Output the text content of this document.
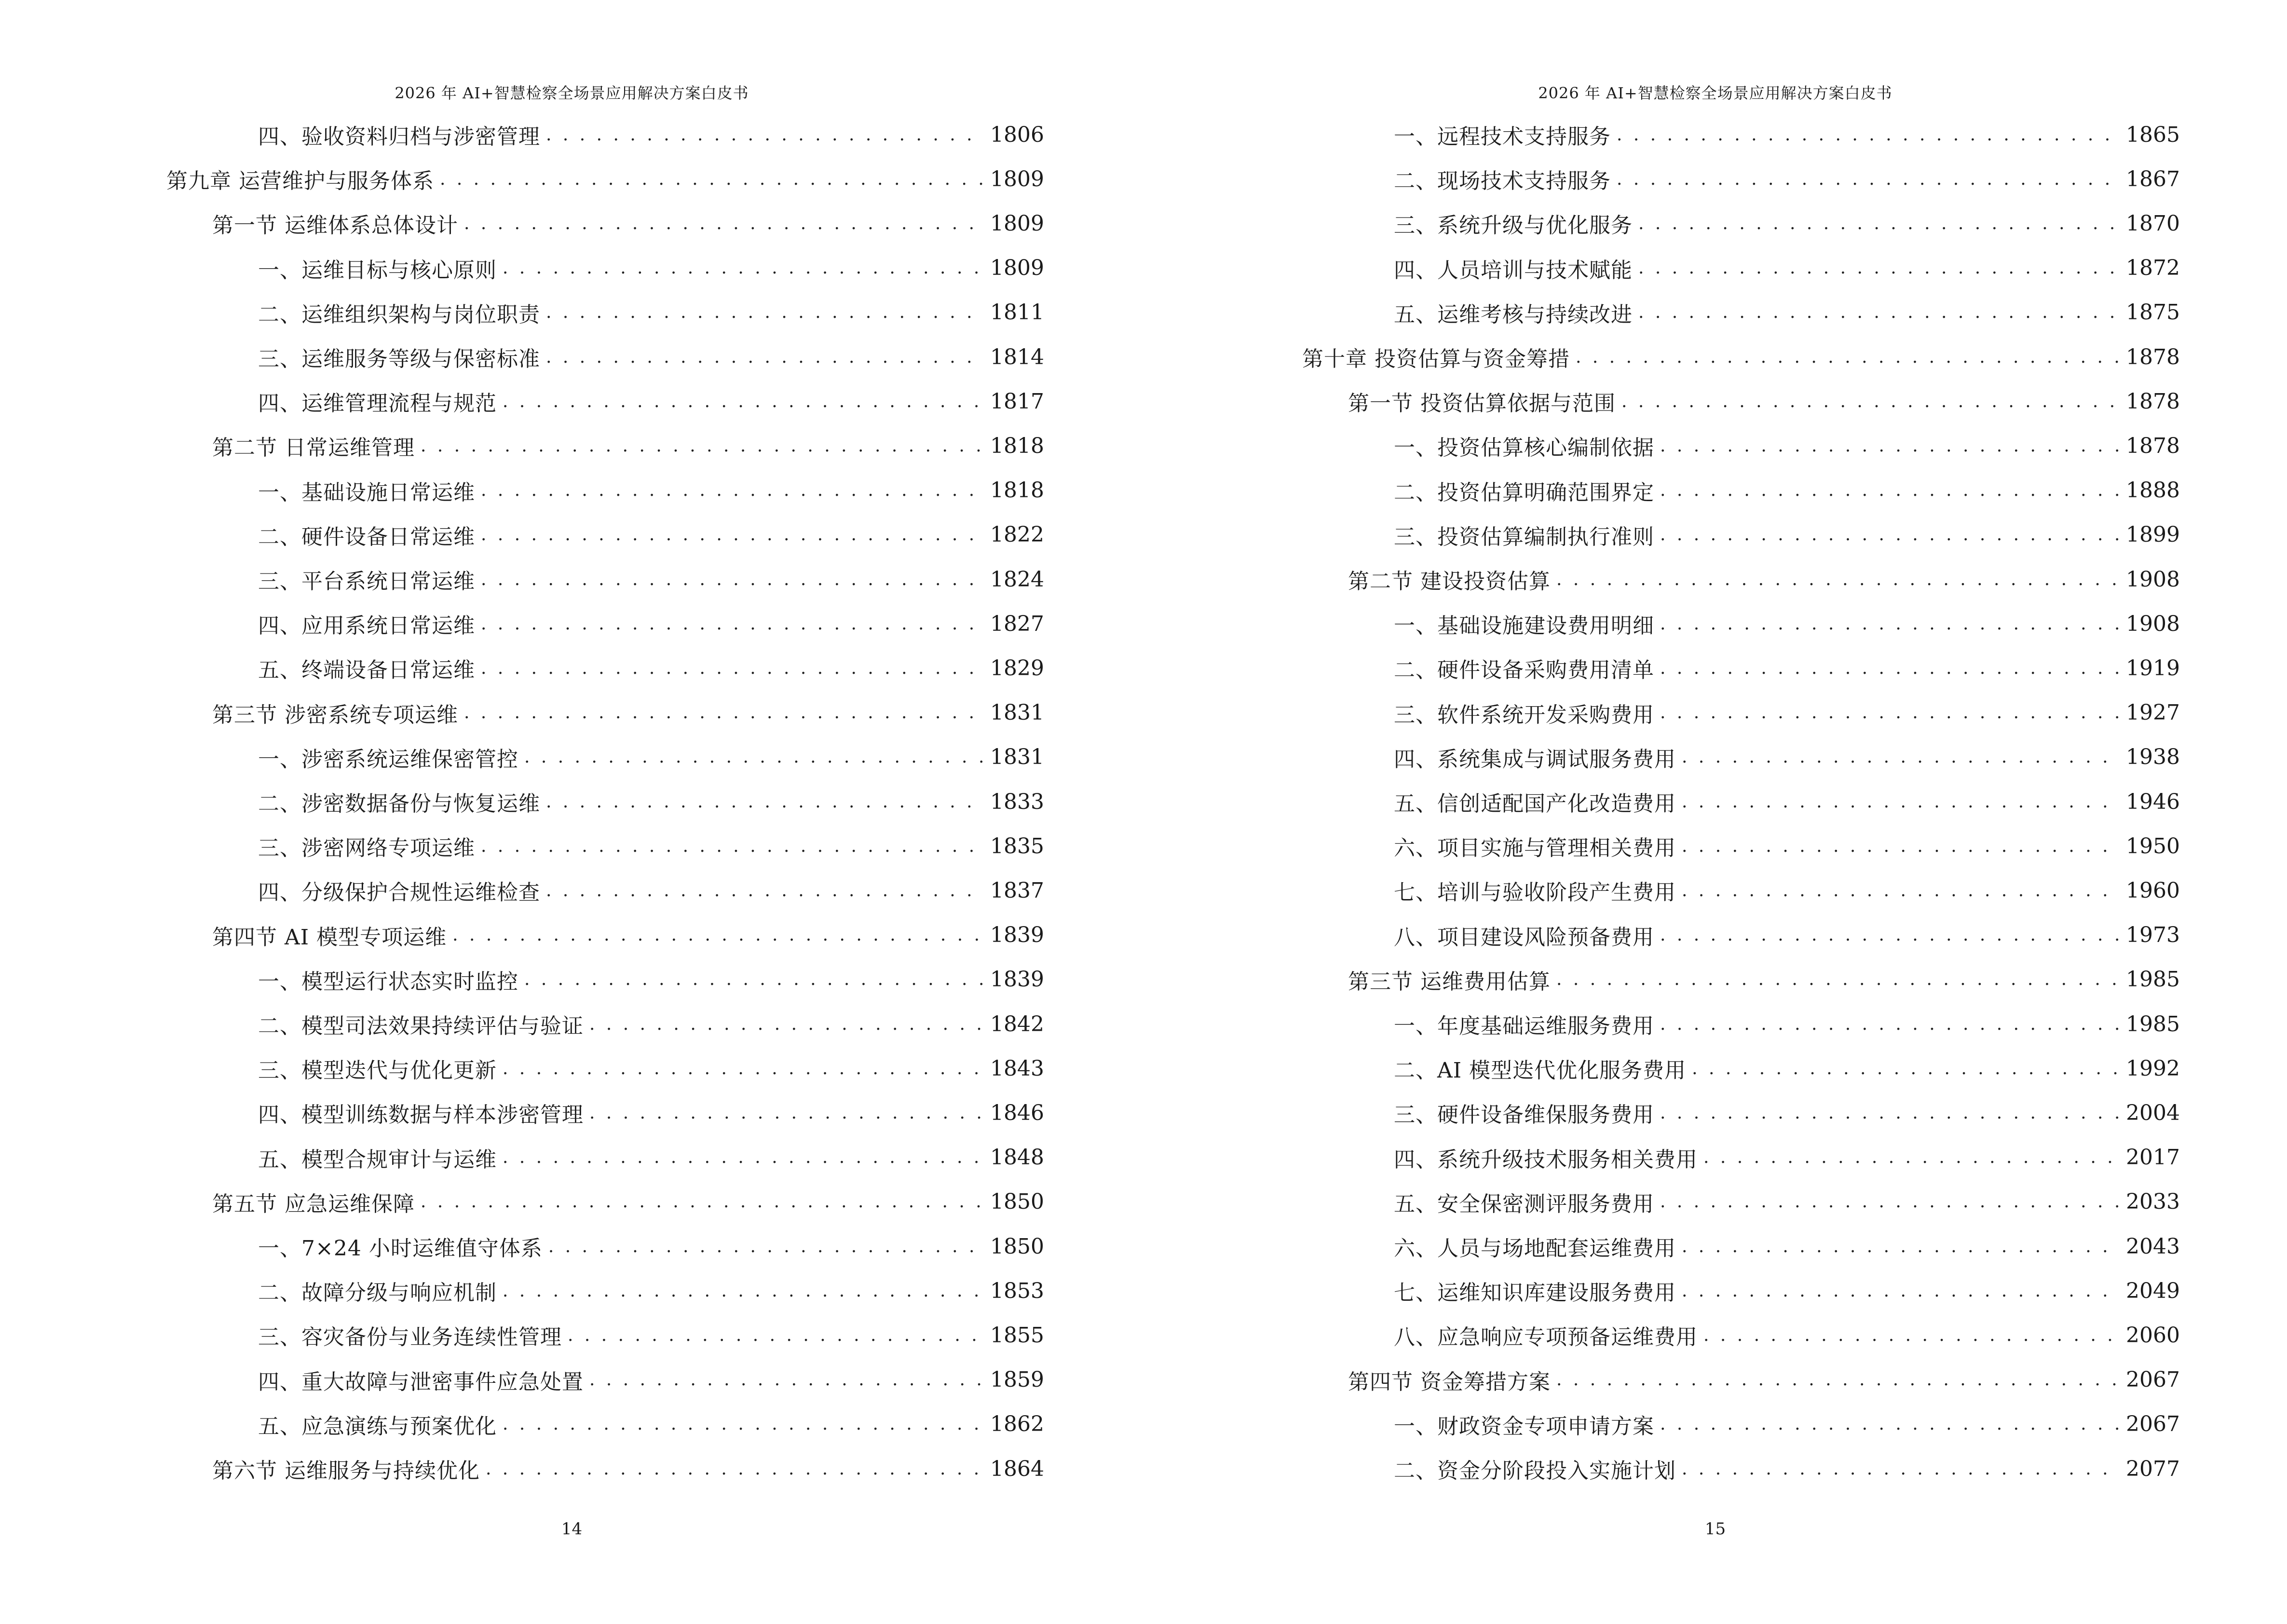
2026 年 AI+智慧检察全场景应用解决方案白皮书
四、验收资料归档与涉密管理 . . .	1806
第九章 运营维护与服务体系 . . .	1809
第一节 运维体系总体设计 . . .	1809
一、运维目标与核心原则 . . .	1809
二、运维组织架构与岗位职责 . . .	1811
三、运维服务等级与保密标准 . . .	1814
四、运维管理流程与规范 . . .	1817
第二节 日常运维管理 . . .	1818
一、基础设施日常运维 . . .	1818
二、硬件设备日常运维 . . .	1822
三、平台系统日常运维 . . .	1824
四、应用系统日常运维 . . .	1827
五、终端设备日常运维 . . .	1829
第三节 涉密系统专项运维 . . .	1831
一、涉密系统运维保密管控 . . .	1831
二、涉密数据备份与恢复运维 . . .	1833
三、涉密网络专项运维 . . .	1835
四、分级保护合规性运维检查 . . .	1837
第四节 AI 模型专项运维 . . .	1839
一、模型运行状态实时监控 . . .	1839
二、模型司法效果持续评估与验证 . . .	1842
三、模型迭代与优化更新 . . .	1843
四、模型训练数据与样本涉密管理 . . .	1846
五、模型合规审计与运维 . . .	1848
第五节 应急运维保障 . . .	1850
一、7×24 小时运维值守体系 . . .	1850
二、故障分级与响应机制 . . .	1853
三、容灾备份与业务连续性管理 . . .	1855
四、重大故障与泄密事件应急处置 . . .	1859
五、应急演练与预案优化 . . .	1862
第六节 运维服务与持续优化 . . .	1864
14
2026 年 AI+智慧检察全场景应用解决方案白皮书
一、远程技术支持服务 . . .	1865
二、现场技术支持服务 . . .	1867
三、系统升级与优化服务 . . .	1870
四、人员培训与技术赋能 . . .	1872
五、运维考核与持续改进 . . .	1875
第十章 投资估算与资金筹措 . . .	1878
第一节 投资估算依据与范围 . . .	1878
一、投资估算核心编制依据 . . .	1878
二、投资估算明确范围界定 . . .	1888
三、投资估算编制执行准则 . . .	1899
第二节 建设投资估算 . . .	1908
一、基础设施建设费用明细 . . .	1908
二、硬件设备采购费用清单 . . .	1919
三、软件系统开发采购费用 . . .	1927
四、系统集成与调试服务费用 . . .	1938
五、信创适配国产化改造费用 . . .	1946
六、项目实施与管理相关费用 . . .	1950
七、培训与验收阶段产生费用 . . .	1960
八、项目建设风险预备费用 . . .	1973
第三节 运维费用估算 . . .	1985
一、年度基础运维服务费用 . . .	1985
二、AI 模型迭代优化服务费用 . . .	1992
三、硬件设备维保服务费用 . . .	2004
四、系统升级技术服务相关费用 . . .	2017
五、安全保密测评服务费用 . . .	2033
六、人员与场地配套运维费用 . . .	2043
七、运维知识库建设服务费用 . . .	2049
八、应急响应专项预备运维费用 . . .	2060
第四节 资金筹措方案 . . .	2067
一、财政资金专项申请方案 . . .	2067
二、资金分阶段投入实施计划 . . .	2077
15
